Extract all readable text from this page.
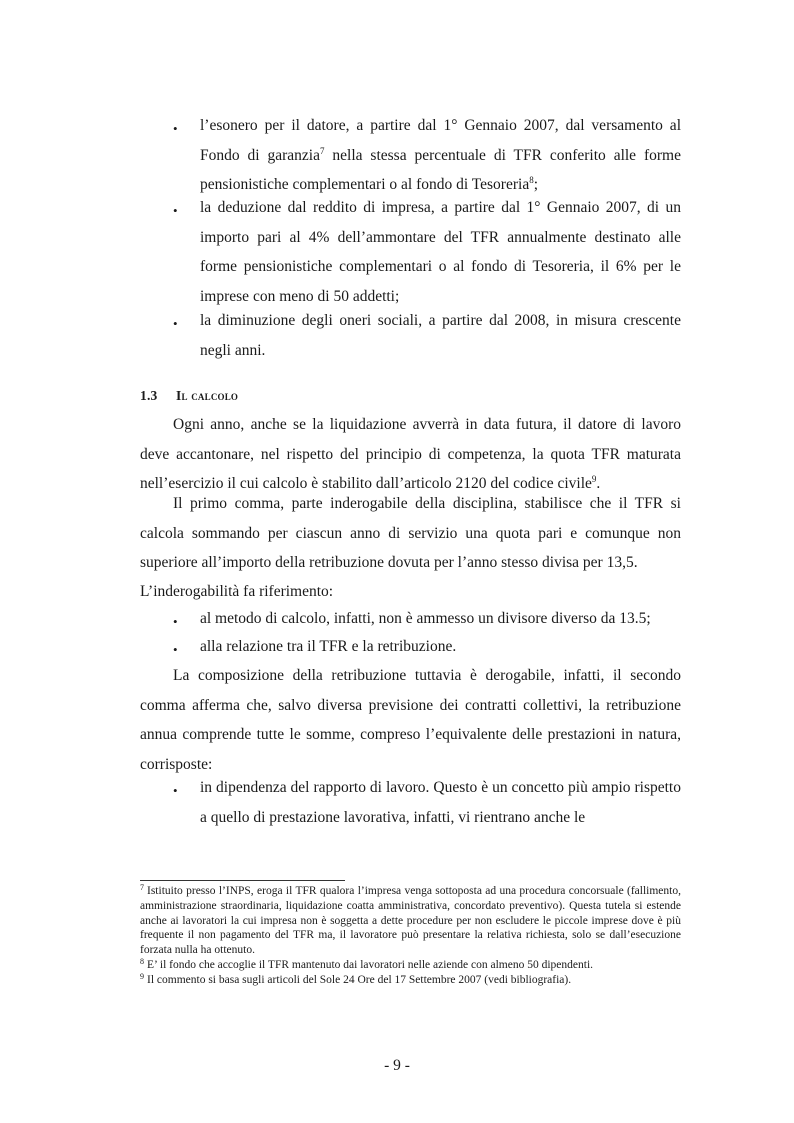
• l’esonero per il datore, a partire dal 1° Gennaio 2007, dal versamento al Fondo di garanzia$^7$ nella stessa percentuale di TFR conferito alle forme pensionistiche complementari o al fondo di Tesoreria$^8$;

• la deduzione dal reddito di impresa, a partire dal 1° Gennaio 2007, di un importo pari al 4% dell’ammontare del TFR annualmente destinato alle forme pensionistiche complementari o al fondo di Tesoreria, il 6% per le imprese con meno di 50 addetti;

• la diminuzione degli oneri sociali, a partire dal 2008, in misura crescente negli anni.

1.3 Il calcolo

Ogni anno, anche se la liquidazione avverrà in data futura, il datore di lavoro deve accantonare, nel rispetto del principio di competenza, la quota TFR maturata nell’esercizio il cui calcolo è stabilito dall’articolo 2120 del codice civile$^9$.

Il primo comma, parte inderogabile della disciplina, stabilisce che il TFR si calcola sommando per ciascun anno di servizio una quota pari e comunque non superiore all’importo della retribuzione dovuta per l’anno stesso divisa per 13,5.

L’inderogabilità fa riferimento:

• al metodo di calcolo, infatti, non è ammesso un divisore diverso da 13.5;

• alla relazione tra il TFR e la retribuzione.

La composizione della retribuzione tuttavia è derogabile, infatti, il secondo comma afferma che, salvo diversa previsione dei contratti collettivi, la retribuzione annua comprende tutte le somme, compreso l’equivalente delle prestazioni in natura, corrisposte:

• in dipendenza del rapporto di lavoro. Questo è un concetto più ampio rispetto a quello di prestazione lavorativa, infatti, vi rientrano anche le

$^7$ Istituito presso l’INPS, eroga il TFR qualora l’impresa venga sottoposta ad una procedura concorsuale (fallimento, amministrazione straordinaria, liquidazione coatta amministrativa, concordato preventivo). Questa tutela si estende anche ai lavoratori la cui impresa non è soggetta a dette procedure per non escludere le piccole imprese dove è più frequente il non pagamento del TFR ma, il lavoratore può presentare la relativa richiesta, solo se dall’esecuzione forzata nulla ha ottenuto.

$^8$ E’ il fondo che accoglie il TFR mantenuto dai lavoratori nelle aziende con almeno 50 dipendenti.

$^9$ Il commento si basa sugli articoli del Sole 24 Ore del 17 Settembre 2007 (vedi bibliografia).

- 9 -
